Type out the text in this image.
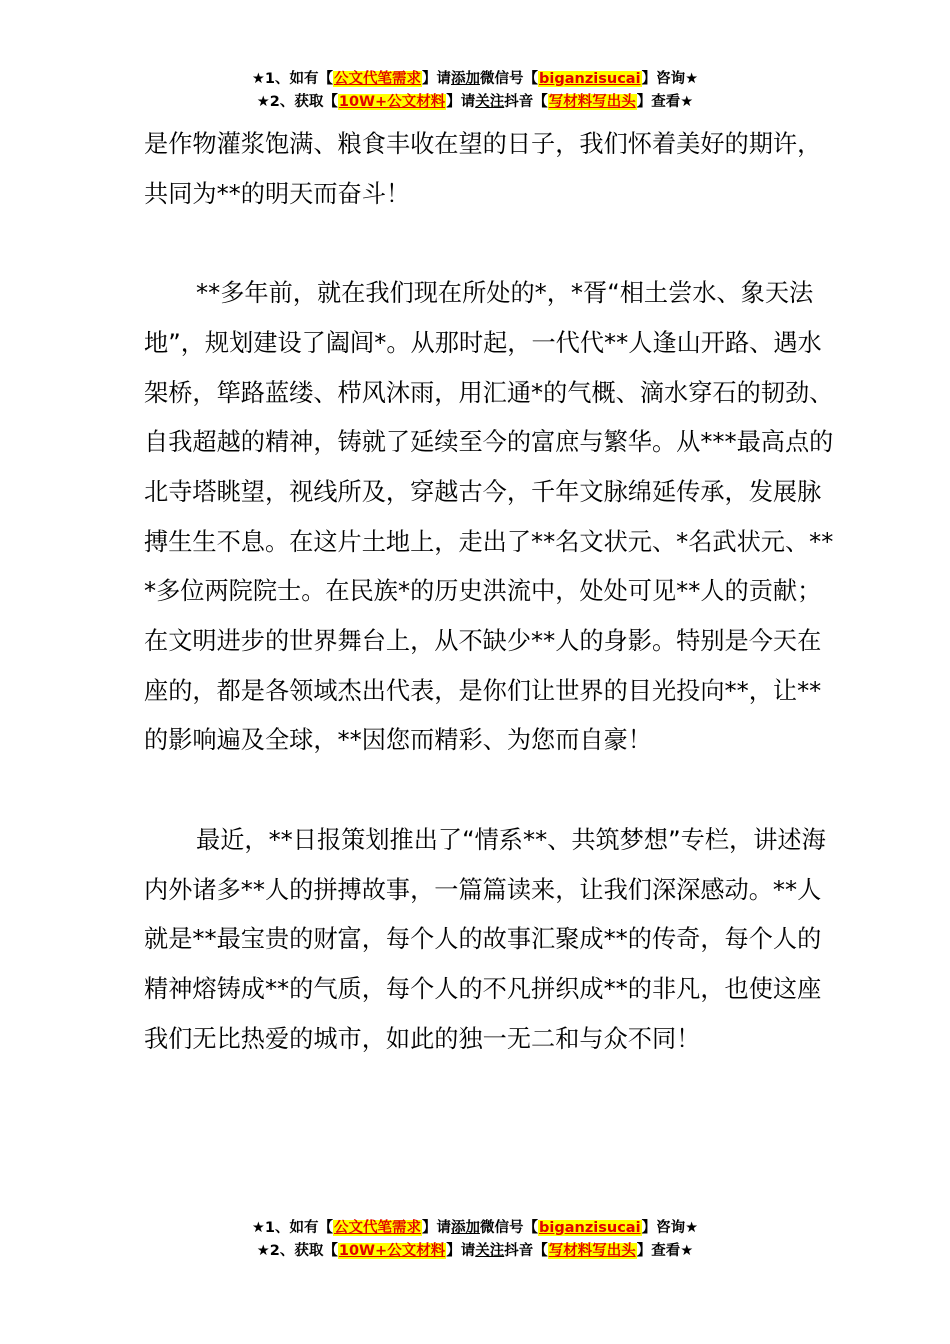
★1、如有【公文代笔需求】请添加微信号【biganzisucai】咨询★
★2、获取【10W+公文材料】请关注抖音【写材料写出头】查看★

是作物灌浆饱满、粮食丰收在望的日子，我们怀着美好的期许，共同为**的明天而奋斗！

**多年前，就在我们现在所处的*，*胥“相土尝水、象天法地”，规划建设了阖闾*。从那时起，一代代**人逢山开路、遇水架桥，筚路蓝缕、栉风沐雨，用汇通*的气概、滴水穿石的韧劲、自我超越的精神，铸就了延续至今的富庶与繁华。从***最高点的北寺塔眺望，视线所及，穿越古今，千年文脉绵延传承，发展脉搏生生不息。在这片土地上，走出了**名文状元、*名武状元、***多位两院院士。在民族*的历史洪流中，处处可见**人的贡献；在文明进步的世界舞台上，从不缺少**人的身影。特别是今天在座的，都是各领域杰出代表，是你们让世界的目光投向**，让**的影响遍及全球，**因您而精彩、为您而自豪！

最近，**日报策划推出了“情系**、共筑梦想”专栏，讲述海内外诸多**人的拼搏故事，一篇篇读来，让我们深深感动。**人就是**最宝贵的财富，每个人的故事汇聚成**的传奇，每个人的精神熔铸成**的气质，每个人的不凡拼织成**的非凡，也使这座我们无比热爱的城市，如此的独一无二和与众不同！

★1、如有【公文代笔需求】请添加微信号【biganzisucai】咨询★
★2、获取【10W+公文材料】请关注抖音【写材料写出头】查看★
